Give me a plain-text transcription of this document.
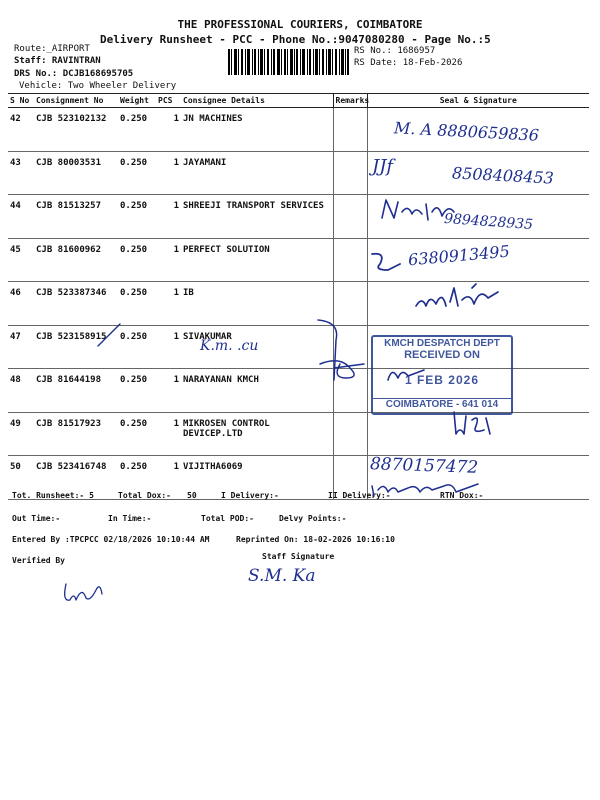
THE PROFESSIONAL COURIERS, COIMBATORE
Delivery Runsheet - PCC - Phone No.:9047080280 - Page No.:5
Route:_AIRPORT
Staff: RAVINTRAN
DRS No.: DCJB168695705
Vehicle: Two Wheeler Delivery
RS No.: 1686957
RS Date: 18-Feb-2026
S No	Consignment No	Weight	PCS	Consignee Details	Remarks	Seal & Signature
42	CJB 523102132	0.250	1	JN MACHINES		
43	CJB 80003531	0.250	1	JAYAMANI		
44	CJB 81513257	0.250	1	SHREEJI TRANSPORT SERVICES		
45	CJB 81600962	0.250	1	PERFECT SOLUTION		
46	CJB 523387346	0.250	1	IB		
47	CJB 523158915	0.250	1	SIVAKUMAR		
48	CJB 81644198	0.250	1	NARAYANAN KMCH		
49	CJB 81517923	0.250	1	MIKROSEN CONTROL DEVICEP.LTD		
50	CJB 523416748	0.250	1	VIJITHA6069		
Tot. Runsheet:- 5	Total Dox:- 50	I Delivery:-	II Delivery:-	RTN Dox:-
Out Time:-	In Time:-	Total POD:-	Delvy Points:-
Entered By :TPCPCC 02/18/2026 10:10:44 AM	Reprinted On: 18-02-2026 10:16:10
Verified By	Staff Signature
KMCH DESPATCH DEPT
RECEIVED ON
1 FEB 2026
COIMBATORE - 641 014
M. A 8880659836
JJf	8508408453
9894828935
6380913495
K.m. .cu
8870157472
S.M. Ka
